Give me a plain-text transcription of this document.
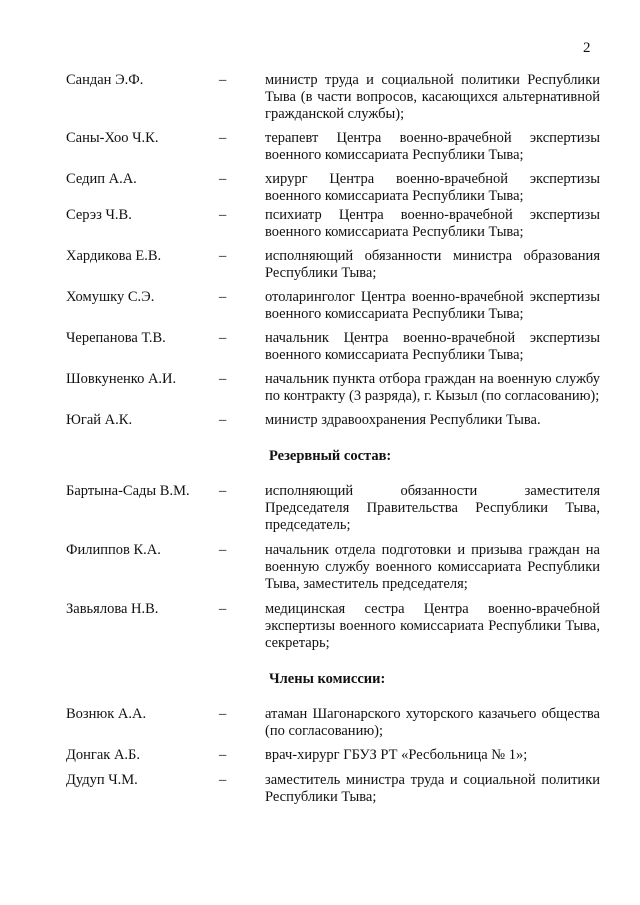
2
Сандан Э.Ф.	–	министр труда и социальной политики Республики Тыва (в части вопросов, касающихся альтернативной гражданской службы);
Саны-Хоо Ч.К.	–	терапевт Центра военно-врачебной экспертизы военного комиссариата Республики Тыва;
Седип А.А.	–	хирург Центра военно-врачебной экспертизы военного комиссариата Республики Тыва;
Серэз Ч.В.	–	психиатр Центра военно-врачебной экспертизы военного комиссариата Республики Тыва;
Хардикова Е.В.	–	исполняющий обязанности министра образования Республики Тыва;
Хомушку С.Э.	–	отоларинголог Центра военно-врачебной экспертизы военного комиссариата Республики Тыва;
Черепанова Т.В.	–	начальник Центра военно-врачебной экспертизы военного комиссариата Республики Тыва;
Шовкуненко А.И.	–	начальник пункта отбора граждан на военную службу по контракту (3 разряда), г. Кызыл (по согласованию);
Югай А.К.	–	министр здравоохранения Республики Тыва.
Резервный состав:
Бартына-Сады В.М.	–	исполняющий обязанности заместителя Председателя Правительства Республики Тыва, председатель;
Филиппов К.А.	–	начальник отдела подготовки и призыва граждан на военную службу военного комиссариата Республики Тыва, заместитель председателя;
Завьялова Н.В.	–	медицинская сестра Центра военно-врачебной экспертизы военного комиссариата Республики Тыва, секретарь;
Члены комиссии:
Вознюк А.А.	–	атаман Шагонарского хуторского казачьего общества (по согласованию);
Донгак А.Б.	–	врач-хирург ГБУЗ РТ «Ресбольница № 1»;
Дудуп Ч.М.	–	заместитель министра труда и социальной политики Республики Тыва;
